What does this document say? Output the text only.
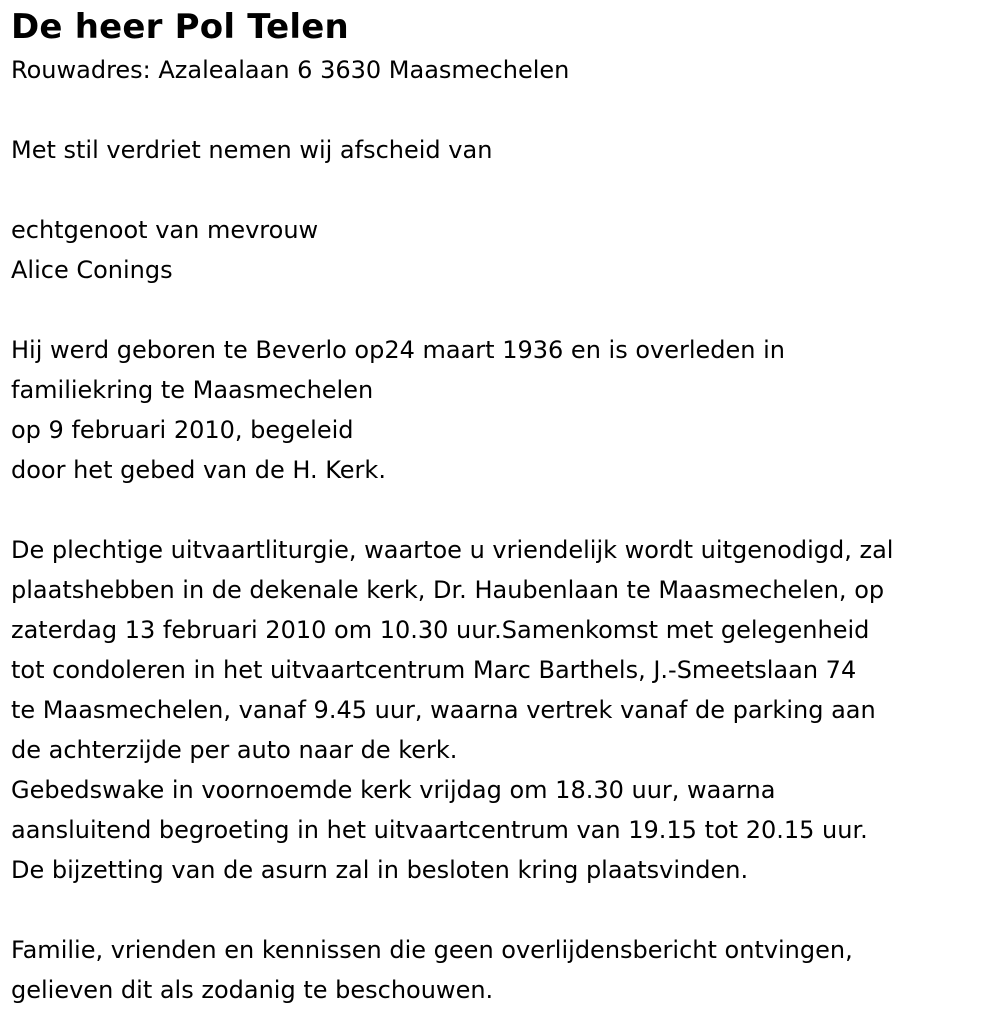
De heer Pol Telen
Rouwadres: Azalealaan 6 3630 Maasmechelen
Met stil verdriet nemen wij afscheid van
echtgenoot van mevrouw
Alice Conings
Hij werd geboren te Beverlo op24 maart 1936 en is overleden in
familiekring te Maasmechelen
op 9 februari 2010, begeleid
door het gebed van de H. Kerk.
De plechtige uitvaartliturgie, waartoe u vriendelijk wordt uitgenodigd, zal
plaatshebben in de dekenale kerk, Dr. Haubenlaan te Maasmechelen, op
zaterdag 13 februari 2010 om 10.30 uur.Samenkomst met gelegenheid
tot condoleren in het uitvaartcentrum Marc Barthels, J.-Smeetslaan 74
te Maasmechelen, vanaf 9.45 uur, waarna vertrek vanaf de parking aan
de achterzijde per auto naar de kerk.
Gebedswake in voornoemde kerk vrijdag om 18.30 uur, waarna
aansluitend begroeting in het uitvaartcentrum van 19.15 tot 20.15 uur.
De bijzetting van de asurn zal in besloten kring plaatsvinden.
Familie, vrienden en kennissen die geen overlijdensbericht ontvingen,
gelieven dit als zodanig te beschouwen.
